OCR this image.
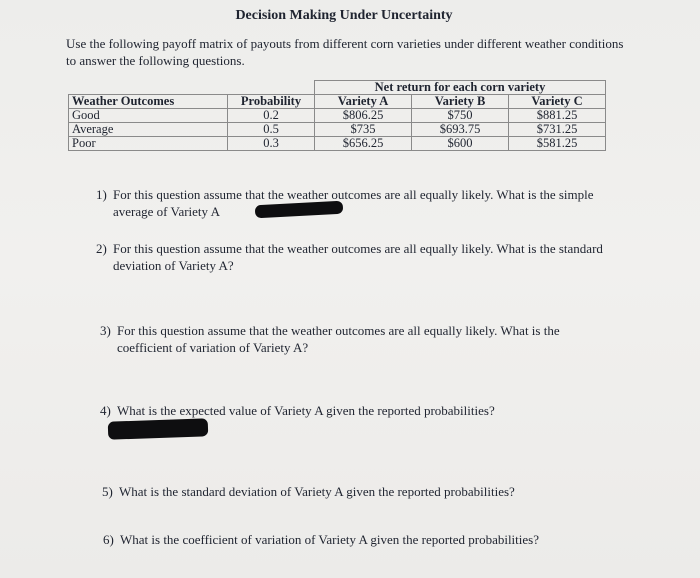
Decision Making Under Uncertainty
Use the following payoff matrix of payouts from different corn varieties under different weather conditions to answer the following questions.
		Net return for each corn variety		
Weather Outcomes	Probability	Variety A	Variety B	Variety C
Good	0.2	$806.25	$750	$881.25
Average	0.5	$735	$693.75	$731.25
Poor	0.3	$656.25	$600	$581.25
1) For this question assume that the weather outcomes are all equally likely. What is the simple average of Variety A
2) For this question assume that the weather outcomes are all equally likely. What is the standard deviation of Variety A?
3) For this question assume that the weather outcomes are all equally likely. What is the coefficient of variation of Variety A?
4) What is the expected value of Variety A given the reported probabilities?
5) What is the standard deviation of Variety A given the reported probabilities?
6) What is the coefficient of variation of Variety A given the reported probabilities?
